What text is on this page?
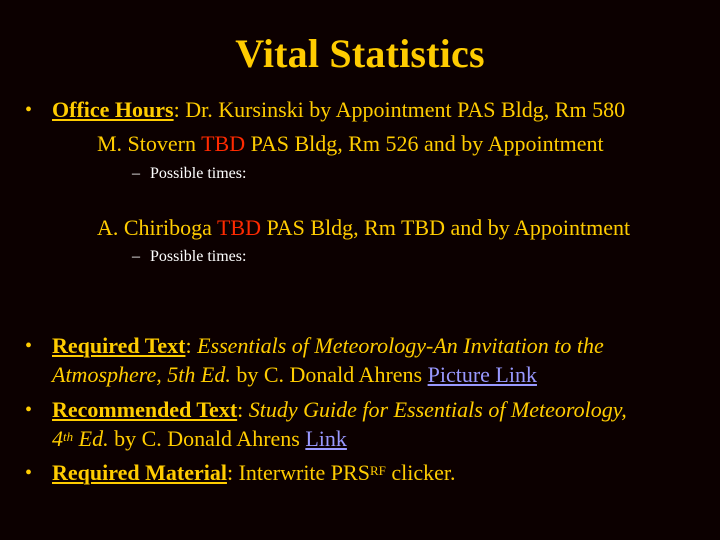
Vital Statistics
• Office Hours: Dr. Kursinski by Appointment PAS Bldg, Rm 580
M. Stovern TBD PAS Bldg, Rm 526 and by Appointment
– Possible times:
A. Chiriboga TBD PAS Bldg, Rm TBD and by Appointment
– Possible times:
• Required Text: Essentials of Meteorology-An Invitation to the
Atmosphere, 5th Ed. by C. Donald Ahrens Picture Link
• Recommended Text: Study Guide for Essentials of Meteorology,
4th Ed. by C. Donald Ahrens Link
• Required Material: Interwrite $PRS^{RF}$ clicker.
